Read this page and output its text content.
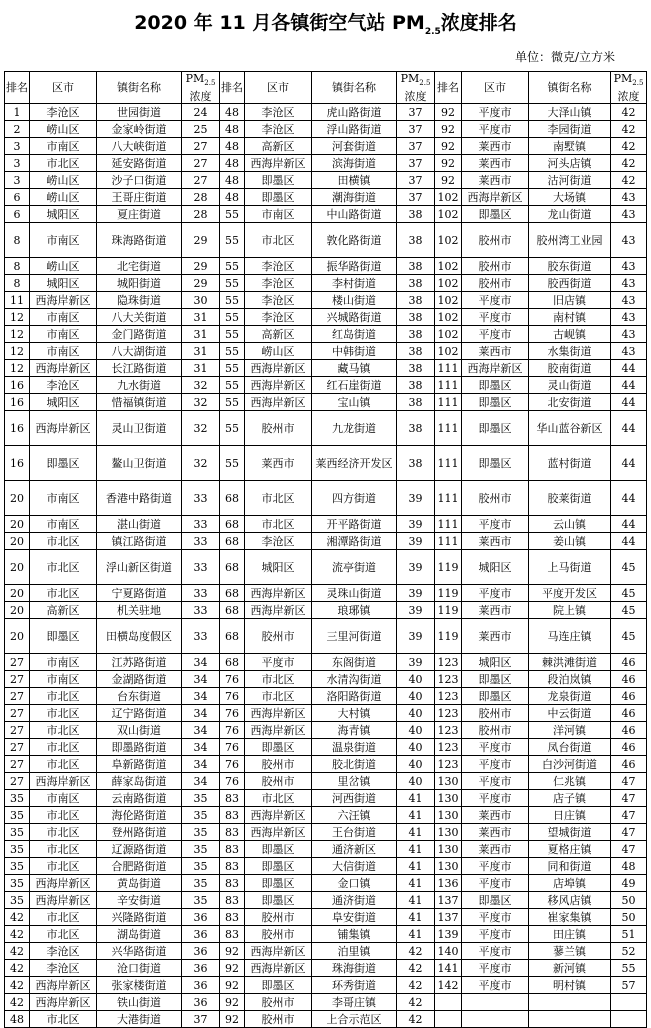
2020 年 11 月各镇街空气站 $PM_{2.5}$浓度排名
单位：微克/立方米
排名	区市	镇街名称	$PM_{2.5}$浓度	排名	区市	镇街名称	$PM_{2.5}$浓度	排名	区市	镇街名称	$PM_{2.5}$浓度
1	李沧区	世园街道	24	48	李沧区	虎山路街道	37	92	平度市	大泽山镇	42
2	崂山区	金家岭街道	25	48	李沧区	浮山路街道	37	92	平度市	李园街道	42
3	市南区	八大峡街道	27	48	高新区	河套街道	37	92	莱西市	南墅镇	42
3	市北区	延安路街道	27	48	西海岸新区	滨海街道	37	92	莱西市	河头店镇	42
3	崂山区	沙子口街道	27	48	即墨区	田横镇	37	92	莱西市	沽河街道	42
6	崂山区	王哥庄街道	28	48	即墨区	潮海街道	37	102	西海岸新区	大场镇	43
6	城阳区	夏庄街道	28	55	市南区	中山路街道	38	102	即墨区	龙山街道	43
8	市南区	珠海路街道	29	55	市北区	敦化路街道	38	102	胶州市	胶州湾工业园	43
8	崂山区	北宅街道	29	55	李沧区	振华路街道	38	102	胶州市	胶东街道	43
8	城阳区	城阳街道	29	55	李沧区	李村街道	38	102	胶州市	胶西街道	43
11	西海岸新区	隐珠街道	30	55	李沧区	楼山街道	38	102	平度市	旧店镇	43
12	市南区	八大关街道	31	55	李沧区	兴城路街道	38	102	平度市	南村镇	43
12	市南区	金门路街道	31	55	高新区	红岛街道	38	102	平度市	古岘镇	43
12	市南区	八大湖街道	31	55	崂山区	中韩街道	38	102	莱西市	水集街道	43
12	西海岸新区	长江路街道	31	55	西海岸新区	藏马镇	38	111	西海岸新区	胶南街道	44
16	李沧区	九水街道	32	55	西海岸新区	红石崖街道	38	111	即墨区	灵山街道	44
16	城阳区	惜福镇街道	32	55	西海岸新区	宝山镇	38	111	即墨区	北安街道	44
16	西海岸新区	灵山卫街道	32	55	胶州市	九龙街道	38	111	即墨区	华山蓝谷新区	44
16	即墨区	鳌山卫街道	32	55	莱西市	莱西经济开发区	38	111	即墨区	蓝村街道	44
20	市南区	香港中路街道	33	68	市北区	四方街道	39	111	胶州市	胶莱街道	44
20	市南区	湛山街道	33	68	市北区	开平路街道	39	111	平度市	云山镇	44
20	市北区	镇江路街道	33	68	李沧区	湘潭路街道	39	111	莱西市	姜山镇	44
20	市北区	浮山新区街道	33	68	城阳区	流亭街道	39	119	城阳区	上马街道	45
20	市北区	宁夏路街道	33	68	西海岸新区	灵珠山街道	39	119	平度市	平度开发区	45
20	高新区	机关驻地	33	68	西海岸新区	琅琊镇	39	119	莱西市	院上镇	45
20	即墨区	田横岛度假区	33	68	胶州市	三里河街道	39	119	莱西市	马连庄镇	45
27	市南区	江苏路街道	34	68	平度市	东阁街道	39	123	城阳区	棘洪滩街道	46
27	市南区	金湖路街道	34	76	市北区	水清沟街道	40	123	即墨区	段泊岚镇	46
27	市北区	台东街道	34	76	市北区	洛阳路街道	40	123	即墨区	龙泉街道	46
27	市北区	辽宁路街道	34	76	西海岸新区	大村镇	40	123	胶州市	中云街道	46
27	市北区	双山街道	34	76	西海岸新区	海青镇	40	123	胶州市	洋河镇	46
27	市北区	即墨路街道	34	76	即墨区	温泉街道	40	123	平度市	凤台街道	46
27	市北区	阜新路街道	34	76	胶州市	胶北街道	40	123	平度市	白沙河街道	46
27	西海岸新区	薛家岛街道	34	76	胶州市	里岔镇	40	130	平度市	仁兆镇	47
35	市南区	云南路街道	35	83	市北区	河西街道	41	130	平度市	店子镇	47
35	市北区	海伦路街道	35	83	西海岸新区	六汪镇	41	130	莱西市	日庄镇	47
35	市北区	登州路街道	35	83	西海岸新区	王台街道	41	130	莱西市	望城街道	47
35	市北区	辽源路街道	35	83	即墨区	通济新区	41	130	莱西市	夏格庄镇	47
35	市北区	合肥路街道	35	83	即墨区	大信街道	41	130	平度市	同和街道	48
35	西海岸新区	黄岛街道	35	83	即墨区	金口镇	41	136	平度市	店埠镇	49
35	西海岸新区	辛安街道	35	83	即墨区	通济街道	41	137	即墨区	移风店镇	50
42	市北区	兴隆路街道	36	83	胶州市	阜安街道	41	137	平度市	崔家集镇	50
42	市北区	湖岛街道	36	83	胶州市	铺集镇	41	139	平度市	田庄镇	51
42	李沧区	兴华路街道	36	92	西海岸新区	泊里镇	42	140	平度市	蓼兰镇	52
42	李沧区	沧口街道	36	92	西海岸新区	珠海街道	42	141	平度市	新河镇	55
42	西海岸新区	张家楼街道	36	92	即墨区	环秀街道	42	142	平度市	明村镇	57
42	西海岸新区	铁山街道	36	92	胶州市	李哥庄镇	42				
48	市北区	大港街道	37	92	胶州市	上合示范区	42				
